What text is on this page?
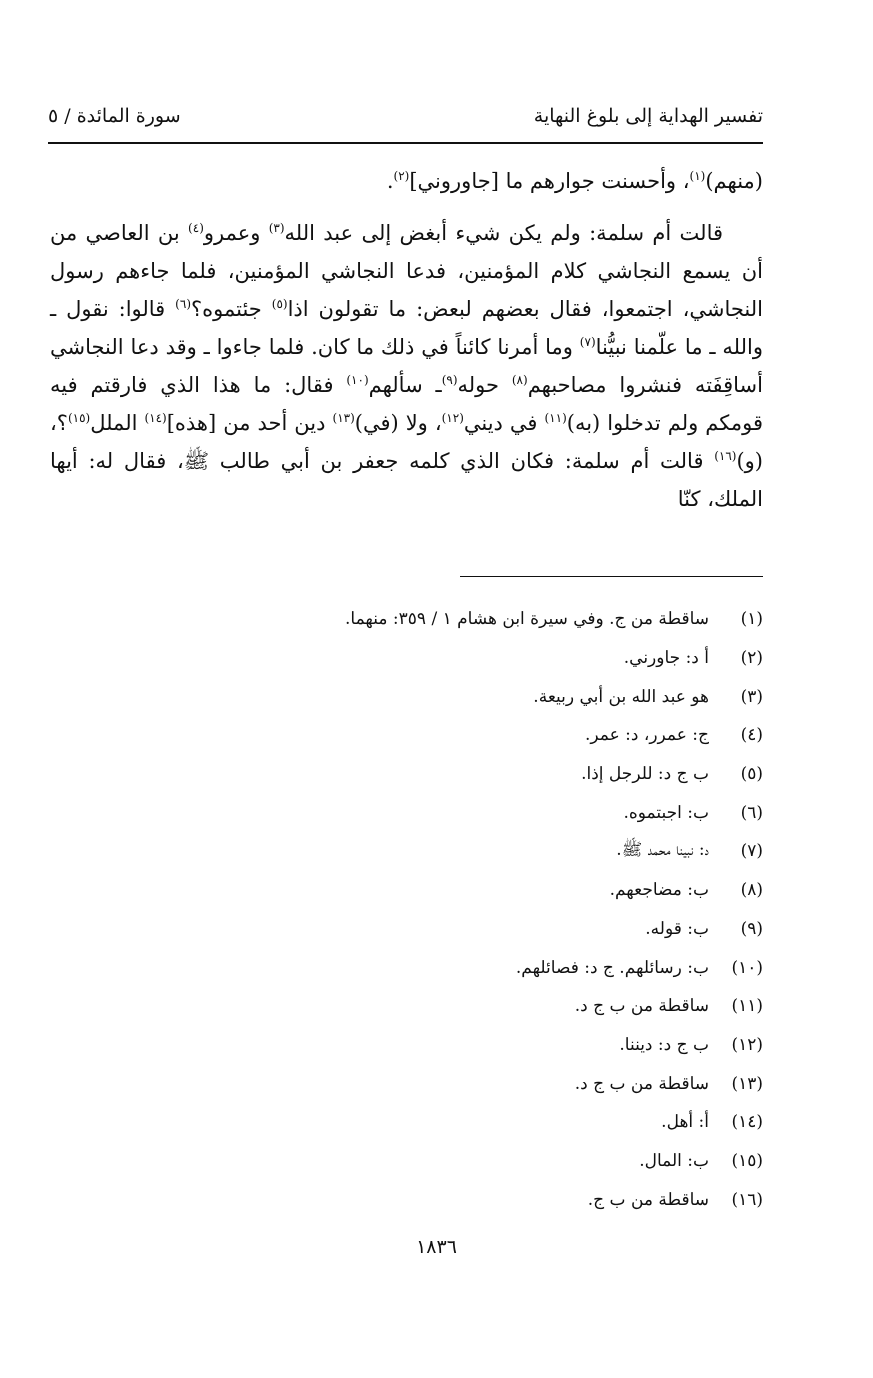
تفسير الهداية إلى بلوغ النهاية
سورة المائدة / ٥

(منهم)$^{(١)}$، وأحسنت جوارهم ما [جاوروني]$^{(٢)}$.

قالت أم سلمة: ولم يكن شيء أبغض إلى عبد الله$^{(٣)}$ وعمرو$^{(٤)}$ بن العاصي من أن يسمع النجاشي كلام المؤمنين، فدعا النجاشي المؤمنين، فلما جاءهم رسول النجاشي، اجتمعوا، فقال بعضهم لبعض: ما تقولون اذا$^{(٥)}$ جئتموه؟$^{(٦)}$ قالوا: نقول ـ والله ـ ما علّمنا نبيُّنا$^{(٧)}$ وما أمرنا كائناً في ذلك ما كان. فلما جاءوا ـ وقد دعا النجاشي أساقِفَته فنشروا مصاحبهم$^{(٨)}$ حوله$^{(٩)}$ـ سألهم$^{(١٠)}$ فقال: ما هذا الذي فارقتم فيه قومكم ولم تدخلوا (به)$^{(١١)}$ في ديني$^{(١٢)}$، ولا (في)$^{(١٣)}$ دين أحد من [هذه]$^{(١٤)}$ الملل$^{(١٥)}$؟، (و)$^{(١٦)}$ قالت أم سلمة: فكان الذي كلمه جعفر بن أبي طالب ﷺ، فقال له: أيها الملك، كنّا

(١)
ساقطة من ج. وفي سيرة ابن هشام ١ / ٣٥٩: منهما.
(٢)
أ د: جاورني.
(٣)
هو عبد الله بن أبي ربيعة.
(٤)
ج: عمرر، د: عمر.
(٥)
ب ج د: للرجل إذا.
(٦)
ب: اجبتموه.
(٧)
د: نبينا محمد ﷺ.
(٨)
ب: مضاجعهم.
(٩)
ب: قوله.
(١٠)
ب: رسائلهم. ج د: فصائلهم.
(١١)
ساقطة من ب ج د.
(١٢)
ب ج د: ديننا.
(١٣)
ساقطة من ب ج د.
(١٤)
أ: أهل.
(١٥)
ب: المال.
(١٦)
ساقطة من ب ج.
١٨٣٦
